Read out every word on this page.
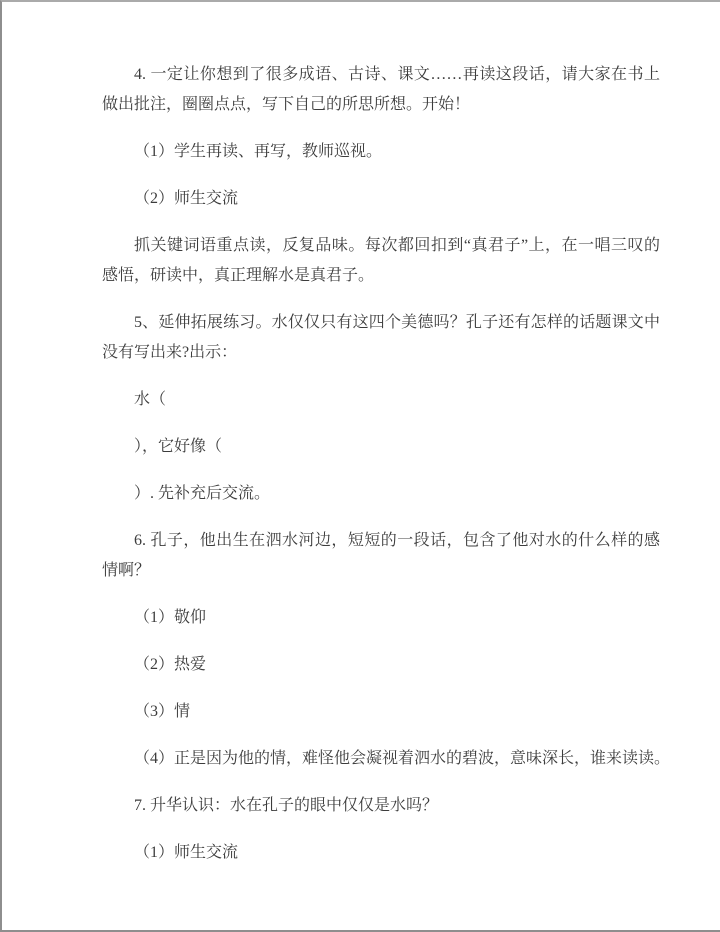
4. 一定让你想到了很多成语、古诗、课文……再读这段话，请大家在书上做出批注，圈圈点点，写下自己的所思所想。开始！

（1）学生再读、再写，教师巡视。

（2）师生交流

抓关键词语重点读，反复品味。每次都回扣到“真君子”上，在一唱三叹的感悟，研读中，真正理解水是真君子。

5、延伸拓展练习。水仅仅只有这四个美德吗？孔子还有怎样的话题课文中没有写出来?出示：

水（

），它好像（

）. 先补充后交流。

6. 孔子，他出生在泗水河边，短短的一段话，包含了他对水的什么样的感情啊？

（1）敬仰

（2）热爱

（3）情

（4）正是因为他的情，难怪他会凝视着泗水的碧波，意味深长，谁来读读。

7. 升华认识：水在孔子的眼中仅仅是水吗？

（1）师生交流
